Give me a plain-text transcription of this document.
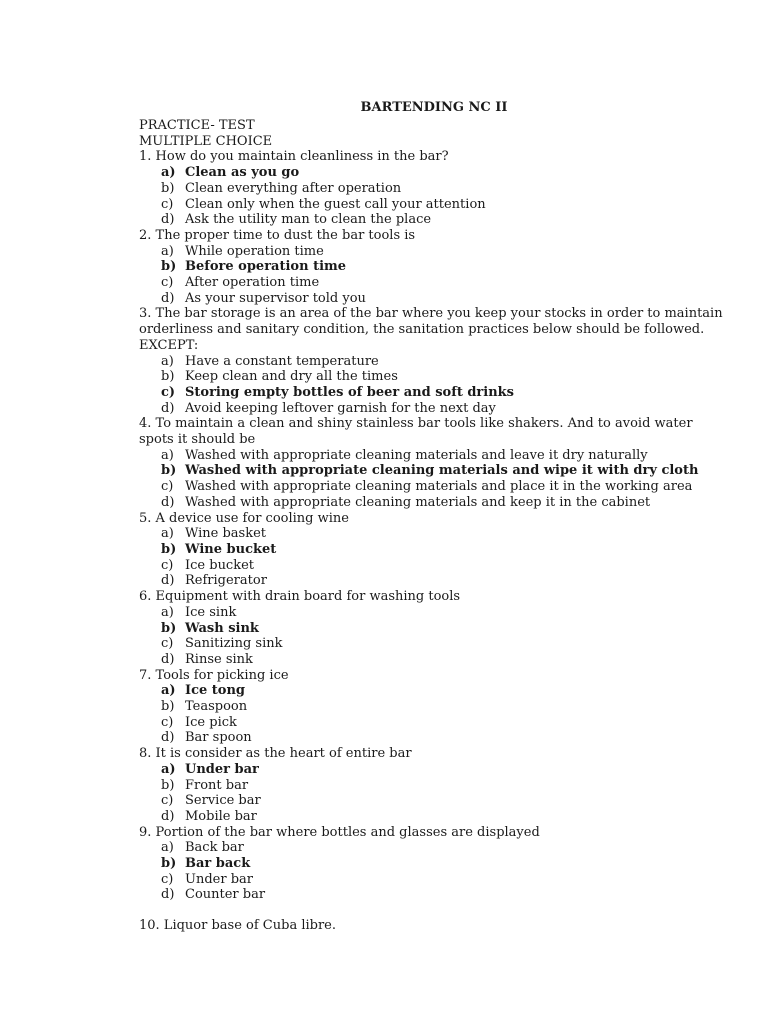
BARTENDING NC II
PRACTICE- TEST
MULTIPLE CHOICE
1. How do you maintain cleanliness in the bar?
a) Clean as you go
b) Clean everything after operation
c) Clean only when the guest call your attention
d) Ask the utility man to clean the place
2. The proper time to dust the bar tools is
a) While operation time
b) Before operation time
c) After operation time
d) As your supervisor told you
3. The bar storage is an area of the bar where you keep your stocks in order to maintain orderliness and sanitary condition, the sanitation practices below should be followed. EXCEPT:
a) Have a constant temperature
b) Keep clean and dry all the times
c) Storing empty bottles of beer and soft drinks
d) Avoid keeping leftover garnish for the next day
4. To maintain a clean and shiny stainless bar tools like shakers. And to avoid water spots it should be
a) Washed with appropriate cleaning materials and leave it dry naturally
b) Washed with appropriate cleaning materials and wipe it with dry cloth
c) Washed with appropriate cleaning materials and place it in the working area
d) Washed with appropriate cleaning materials and keep it in the cabinet
5. A device use for cooling wine
a) Wine basket
b) Wine bucket
c) Ice bucket
d) Refrigerator
6. Equipment with drain board for washing tools
a) Ice sink
b) Wash sink
c) Sanitizing sink
d) Rinse sink
7. Tools for picking ice
a) Ice tong
b) Teaspoon
c) Ice pick
d) Bar spoon
8. It is consider as the heart of entire bar
a) Under bar
b) Front bar
c) Service bar
d) Mobile bar
9. Portion of the bar where bottles and glasses are displayed
a) Back bar
b) Bar back
c) Under bar
d) Counter bar
10. Liquor base of Cuba libre.
